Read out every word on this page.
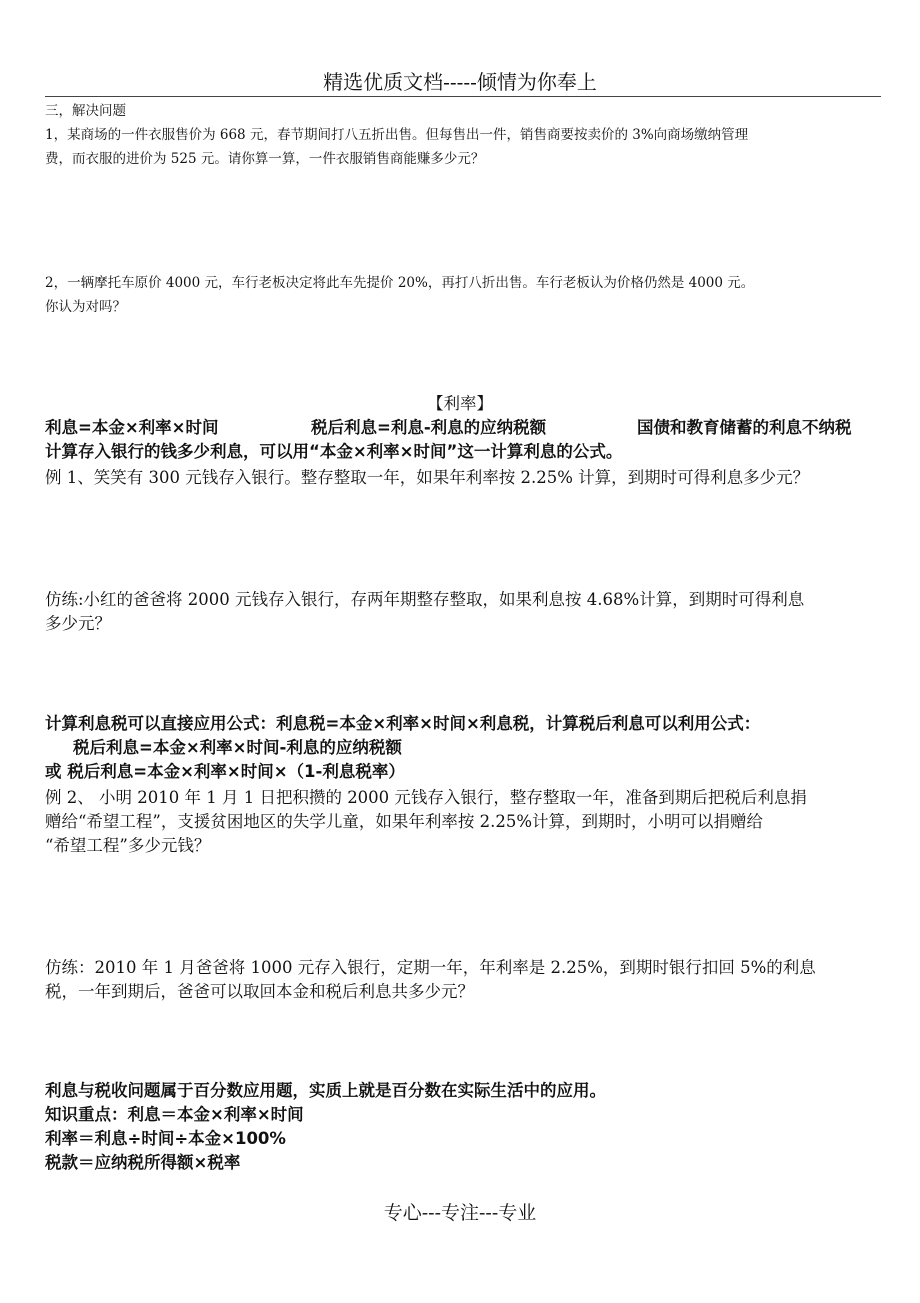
精选优质文档-----倾情为你奉上
三，解决问题
1，某商场的一件衣服售价为 668 元，春节期间打八五折出售。但每售出一件，销售商要按卖价的 3%向商场缴纳管理
费，而衣服的进价为 525 元。请你算一算，一件衣服销售商能赚多少元？
2，一辆摩托车原价 4000 元，车行老板决定将此车先提价 20%，再打八折出售。车行老板认为价格仍然是 4000 元。
你认为对吗？
【利率】
利息=本金×利率×时间	税后利息=利息-利息的应纳税额	国债和教育储蓄的利息不纳税
计算存入银行的钱多少利息，可以用“本金×利率×时间”这一计算利息的公式。
例 1、笑笑有 300 元钱存入银行。整存整取一年，如果年利率按 2.25% 计算，到期时可得利息多少元？
仿练:小红的爸爸将 2000 元钱存入银行，存两年期整存整取，如果利息按 4.68%计算，到期时可得利息
多少元？
计算利息税可以直接应用公式：利息税=本金×利率×时间×利息税，计算税后利息可以利用公式：
税后利息=本金×利率×时间-利息的应纳税额
或 税后利息=本金×利率×时间×（1-利息税率）
例 2、 小明 2010 年 1 月 1 日把积攒的 2000 元钱存入银行，整存整取一年，准备到期后把税后利息捐
赠给“希望工程”，支援贫困地区的失学儿童，如果年利率按 2.25%计算，到期时，小明可以捐赠给
“希望工程”多少元钱？
仿练：2010 年 1 月爸爸将 1000 元存入银行，定期一年，年利率是 2.25%，到期时银行扣回 5%的利息
税，一年到期后，爸爸可以取回本金和税后利息共多少元？
利息与税收问题属于百分数应用题，实质上就是百分数在实际生活中的应用。
知识重点：利息＝本金×利率×时间
利率＝利息÷时间÷本金×100%
税款＝应纳税所得额×税率
专心---专注---专业
